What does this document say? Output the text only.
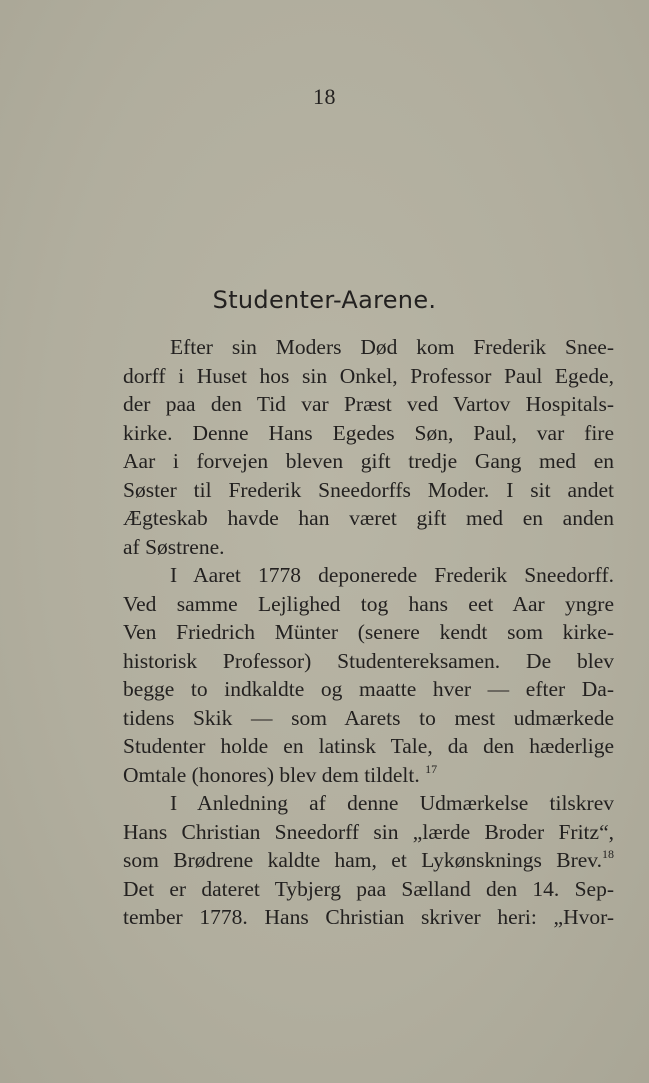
18
Studenter-Aarene.
Efter sin Moders Død kom Frederik Snee-
dorff i Huset hos sin Onkel, Professor Paul Egede,
der paa den Tid var Præst ved Vartov Hospitals-
kirke. Denne Hans Egedes Søn, Paul, var fire
Aar i forvejen bleven gift tredje Gang med en
Søster til Frederik Sneedorffs Moder. I sit andet
Ægteskab havde han været gift med en anden
af Søstrene.
I Aaret 1778 deponerede Frederik Sneedorff.
Ved samme Lejlighed tog hans eet Aar yngre
Ven Friedrich Münter (senere kendt som kirke-
historisk Professor) Studentereksamen. De blev
begge to indkaldte og maatte hver — efter Da-
tidens Skik — som Aarets to mest udmærkede
Studenter holde en latinsk Tale, da den hæderlige
Omtale (honores) blev dem tildelt. $^{17}$
I Anledning af denne Udmærkelse tilskrev
Hans Christian Sneedorff sin „lærde Broder Fritz“,
som Brødrene kaldte ham, et Lykønsknings Brev.$^{18}$
Det er dateret Tybjerg paa Sælland den 14. Sep-
tember 1778. Hans Christian skriver heri: „Hvor-
